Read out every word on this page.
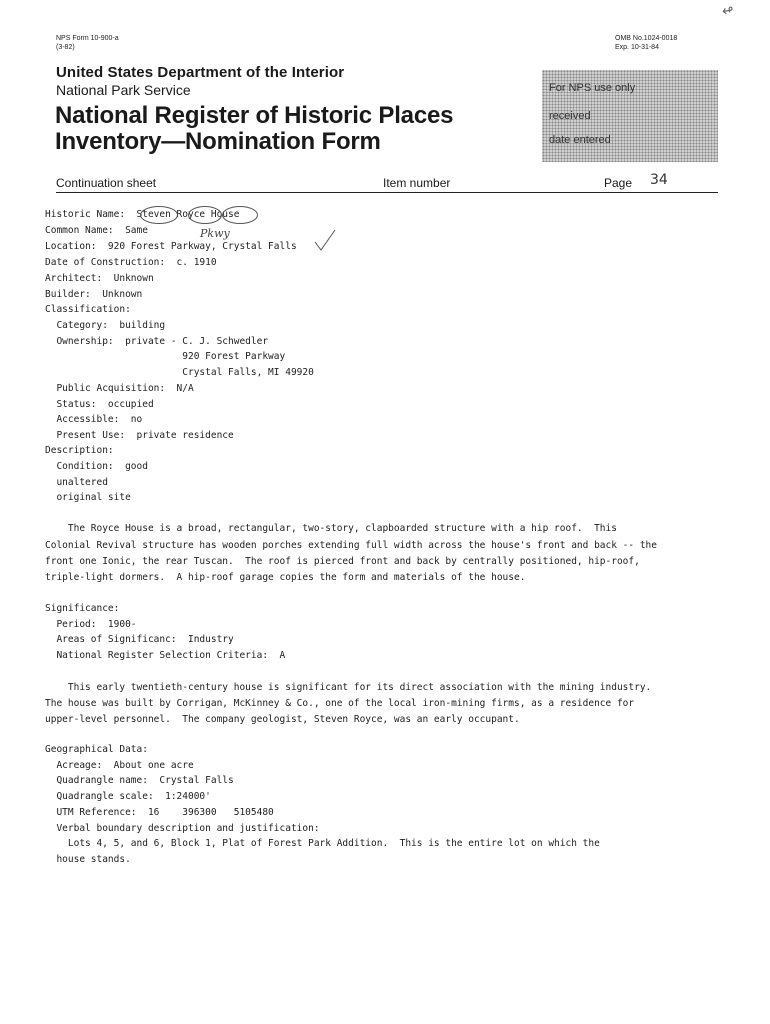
↫
NPS Form 10-900-a
(3-82)
OMB No.1024-0018
Exp. 10-31-84
United States Department of the Interior
National Park Service
National Register of Historic Places
Inventory—Nomination Form
For NPS use only
received
date entered
Continuation sheet	Item number	Page 34
Historic Name:  Steven Royce House
Pkwy
Common Name:  Same
Location:  920 Forest Parkway, Crystal Falls
Date of Construction:  c. 1910
Architect:  Unknown
Builder:  Unknown
Classification:
Category:  building
Ownership:  private - C. J. Schwedler
920 Forest Parkway
Crystal Falls, MI 49920
Public Acquisition:  N/A
Status:  occupied
Accessible:  no
Present Use:  private residence
Description:
Condition:  good
unaltered
original site
The Royce House is a broad, rectangular, two-story, clapboarded structure with a hip roof.  This
Colonial Revival structure has wooden porches extending full width across the house's front and back -- the
front one Ionic, the rear Tuscan.  The roof is pierced front and back by centrally positioned, hip-roof,
triple-light dormers.  A hip-roof garage copies the form and materials of the house.
Significance:
Period:  1900-
Areas of Significanc:  Industry
National Register Selection Criteria:  A
This early twentieth-century house is significant for its direct association with the mining industry.
The house was built by Corrigan, McKinney & Co., one of the local iron-mining firms, as a residence for
upper-level personnel.  The company geologist, Steven Royce, was an early occupant.
Geographical Data:
Acreage:  About one acre
Quadrangle name:  Crystal Falls
Quadrangle scale:  1:24000'
UTM Reference:  16    396300   5105480
Verbal boundary description and justification:
Lots 4, 5, and 6, Block 1, Plat of Forest Park Addition.  This is the entire lot on which the
house stands.
